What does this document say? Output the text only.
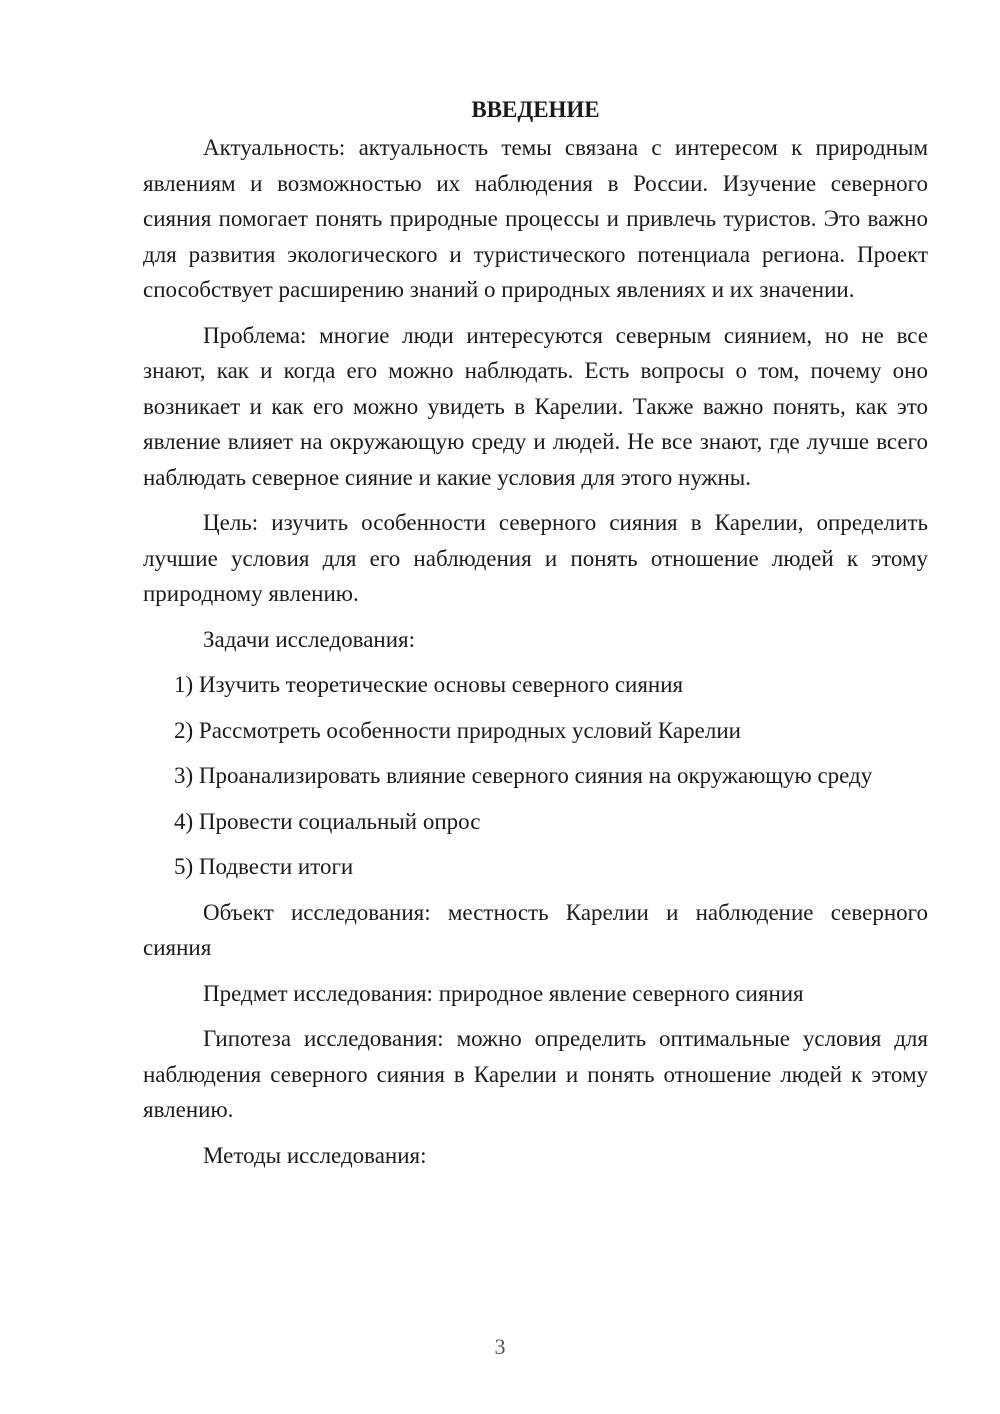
ВВЕДЕНИЕ

Актуальность: актуальность темы связана с интересом к природным явлениям и возможностью их наблюдения в России. Изучение северного сияния помогает понять природные процессы и привлечь туристов. Это важно для развития экологического и туристического потенциала региона. Проект способствует расширению знаний о природных явлениях и их значении.

Проблема: многие люди интересуются северным сиянием, но не все знают, как и когда его можно наблюдать. Есть вопросы о том, почему оно возникает и как его можно увидеть в Карелии. Также важно понять, как это явление влияет на окружающую среду и людей. Не все знают, где лучше всего наблюдать северное сияние и какие условия для этого нужны.

Цель: изучить особенности северного сияния в Карелии, определить лучшие условия для его наблюдения и понять отношение людей к этому природному явлению.

Задачи исследования:

1) Изучить теоретические основы северного сияния

2) Рассмотреть особенности природных условий Карелии

3) Проанализировать влияние северного сияния на окружающую среду

4) Провести социальный опрос

5) Подвести итоги

Объект исследования: местность Карелии и наблюдение северного сияния

Предмет исследования: природное явление северного сияния

Гипотеза исследования: можно определить оптимальные условия для наблюдения северного сияния в Карелии и понять отношение людей к этому явлению.

Методы исследования:

3
